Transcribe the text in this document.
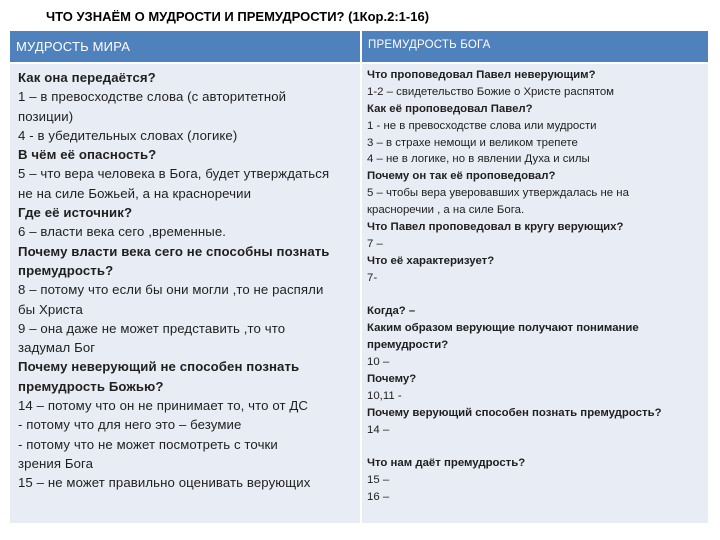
ЧТО УЗНАЁМ О МУДРОСТИ И ПРЕМУДРОСТИ? (1Кор.2:1-16)
МУДРОСТЬ МИРА	ПРЕМУДРОСТЬ БОГА
Как она передаётся?
1 – в превосходстве слова (с авторитетной
позиции)
4 - в убедительных словах (логике)
В чём её опасность?
5 – что вера человека в Бога, будет утверждаться
не на силе Божьей, а на красноречии
Где её источник?
6 – власти века сего ,временные.
Почему власти века сего не способны познать
премудрость?
8 – потому что если бы они могли ,то не распяли
бы Христа
9 – она даже не может представить ,то что
задумал Бог
Почему неверующий не способен познать
премудрость Божью?
14 – потому что он не принимает то, что от ДС
- потому что для него это – безумие
- потому что не может посмотреть с точки
зрения Бога
15 – не может правильно оценивать верующих
Что проповедовал Павел неверующим?
1-2 – свидетельство Божие о Христе распятом
Как её проповедовал Павел?
1 - не в превосходстве слова или мудрости
3 – в страхе немощи и великом трепете
4 – не в логике, но в явлении Духа и силы
Почему он так её проповедовал?
5 – чтобы вера уверовавших утверждалась не на
красноречии , а на силе Бога.
Что Павел проповедовал в кругу верующих?
7 –
Что её характеризует?
7-
Когда? –
Каким образом верующие получают понимание
премудрости?
10 –
Почему?
10,11 -
Почему верующий способен познать премудрость?
14 –
Что нам даёт премудрость?
15 –
16 –
